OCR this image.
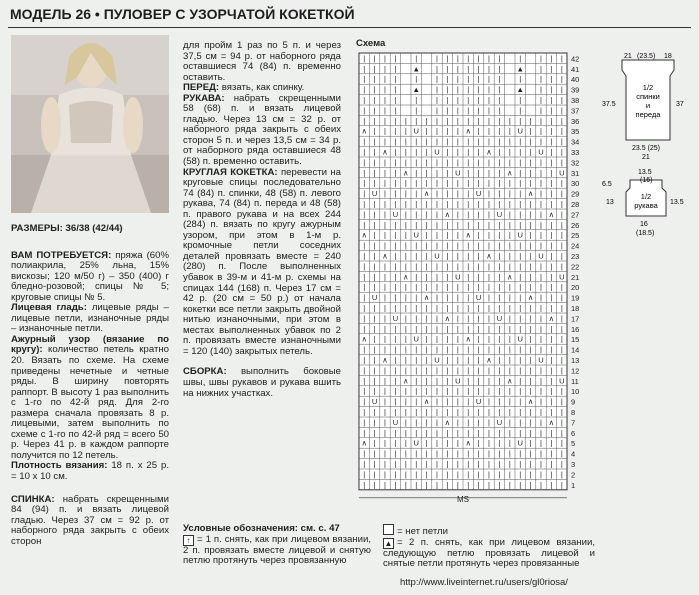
МОДЕЛЬ 26 • ПУЛОВЕР С УЗОРЧАТОЙ КОКЕТКОЙ

РАЗМЕРЫ: 36/38 (42/44)

ВАМ ПОТРЕБУЕТСЯ: пряжа (60% полиакрила, 25% льна, 15% вискозы; 120 м/50 г) – 350 (400) г бледно-розовой; спицы № 5; круговые спицы № 5.

Лицевая гладь: лицевые ряды – лицевые петли, изнаночные ряды – изнаночные петли.

Ажурный узор (вязание по кругу): количество петель кратно 20. Вязать по схеме. На схеме приведены нечетные и четные ряды. В ширину повторять раппорт. В высоту 1 раз выполнить с 1-го по 42-й ряд. Для 2-го размера сначала провязать 8 р. лицевыми, затем выполнить по схеме с 1-го по 42-й ряд = всего 50 р. Через 41 р. в каждом раппорте получится по 12 петель.

Плотность вязания: 18 п. х 25 р. = 10 х 10 см.

СПИНКА: набрать скрещенными 84 (94) п. и вязать лицевой гладью. Через 37 см = 92 р. от наборного ряда закрыть с обеих сторон

для пройм 1 раз по 5 п. и через 37,5 см = 94 р. от наборного ряда оставшиеся 74 (84) п. временно оставить.

ПЕРЕД: вязать, как спинку.

РУКАВА: набрать скрещенными 58 (68) п. и вязать лицевой гладью. Через 13 см = 32 р. от наборного ряда закрыть с обеих сторон 5 п. и через 13,5 см = 34 р. от наборного ряда оставшиеся 48 (58) п. временно оставить.

КРУГЛАЯ КОКЕТКА: перевести на круговые спицы последовательно 74 (84) п. спинки, 48 (58) п. левого рукава, 74 (84) п. переда и 48 (58) п. правого рукава и на всех 244 (284) п. вязать по кругу ажурным узором, при этом в 1-м р. кромочные петли соседних деталей провязать вместе = 240 (280) п. После выполненных убавок в 39-м и 41-м р. схемы на спицах 144 (168) п. Через 17 см = 42 р. (20 см = 50 р.) от начала кокетки все петли закрыть двойной нитью изнаночными, при этом в местах выполненных убавок по 2 п. провязать вместе изнаночными = 120 (140) закрытых петель.

СБОРКА: выполнить боковые швы, швы рукавов и рукава вшить на нижних участках.

Схема
| | | | | | | | | | | | | | | | | | | | 1
| | | | | | | | | | | | | | | | | | | | 2
| | | | | | | | | | | | | | | | | | | | 3
| | | | | | | | | | | | | | | | | | | | 4
∧ | | | | U | | | | ∧ | | | | U | | | | 5
| | | | | | | | | | | | | | | | | | | | 6
| | | U | | | | ∧ | | | | U | | | | ∧ | 7
| | | | | | | | | | | | | | | | | | | | 8
| U | | | | ∧ | | | | U | | | | ∧ | | | 9
| | | | | | | | | | | | | | | | | | | | 10
| | | | ∧ | | | | U | | | | ∧ | | | | U 11
| | | | | | | | | | | | | | | | | | | | 12
| | ∧ | | | | U | | | | ∧ | | | | U | | 13
| | | | | | | | | | | | | | | | | | | | 14
∧ | | | | U | | | | ∧ | | | | U | | | | 15
| | | | | | | | | | | | | | | | | | | | 16
| | | U | | | | ∧ | | | | U | | | | ∧ | 17
| | | | | | | | | | | | | | | | | | | | 18
| U | | | | ∧ | | | | U | | | | ∧ | | | 19
| | | | | | | | | | | | | | | | | | | | 20
| | | | ∧ | | | | U | | | | ∧ | | | | U 21
| | | | | | | | | | | | | | | | | | | | 22
| | ∧ | | | | U | | | | ∧ | | | | U | | 23
| | | | | | | | | | | | | | | | | | | | 24
∧ | | | | U | | | | ∧ | | | | U | | | | 25
| | | | | | | | | | | | | | | | | | | | 26
| | | U | | | | ∧ | | | | U | | | | ∧ | 27
| | | | | | | | | | | | | | | | | | | | 28
| U | | | | ∧ | | | | U | | | | ∧ | | | 29
| | | | | | | | | | | | | | | | | | | | 30
| | | | ∧ | | | | U | | | | ∧ | | | | U 31
| | | | | | | | | | | | | | | | | | | | 32
| | ∧ | | | | U | | | | ∧ | | | | U | | 33
| | | | | | | | | | | | | | | | | | | | 34
∧ | | | | U | | | | ∧ | | | | U | | | | 35
| | | | | | | | | | | | | | | | | | | | 36
| | | |	|	| | | | | | |	|	| | | 37
| | | |	|	| | | | | | |	|	| | | 38
| | | | ▲ | | | | | | | ▲ | | | 39
| | | |	|	| | | | | | |	|	| | | 40
| | | | ▲ | | | | | | | ▲ | | | 41
| | | |	|	| | | | | | |	|	| | | 42
MS
21 (23.5) 18
37.5	37
1/2 спинки и переда
23.5 (25)
21
13.5
(16)
6.5
13	13.5
1/2 рукава
16
(18.5)

Условные обозначения: см. с. 47

↑ = 1 п. снять, как при лицевом вязании, 2 п. провязать вместе лицевой и снятую петлю протянуть через провязанную

= нет петли

▲ = 2 п. снять, как при лицевом вязании, следующую петлю провязать лицевой и снятые петли протянуть через провязанные

http://www.liveinternet.ru/users/gl0riosa/
